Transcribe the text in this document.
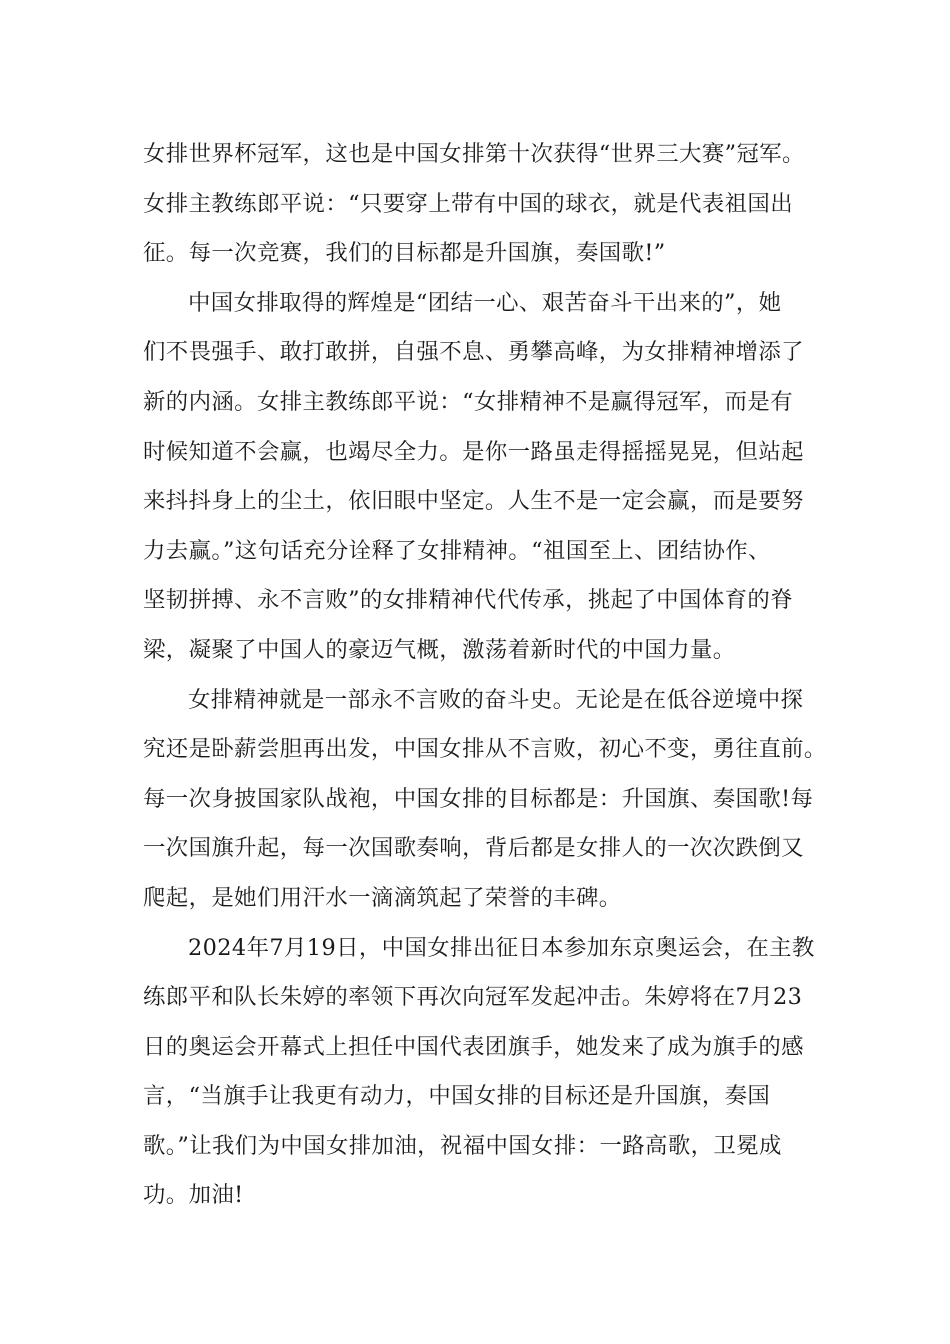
女排世界杯冠军，这也是中国女排第十次获得“世界三大赛”冠军。
女排主教练郎平说：“只要穿上带有中国的球衣，就是代表祖国出
征。每一次竞赛，我们的目标都是升国旗，奏国歌!”

中国女排取得的辉煌是“团结一心、艰苦奋斗干出来的”，她
们不畏强手、敢打敢拼，自强不息、勇攀高峰，为女排精神增添了
新的内涵。女排主教练郎平说：“女排精神不是赢得冠军，而是有
时候知道不会赢，也竭尽全力。是你一路虽走得摇摇晃晃，但站起
来抖抖身上的尘土，依旧眼中坚定。人生不是一定会赢，而是要努
力去赢。”这句话充分诠释了女排精神。“祖国至上、团结协作、
坚韧拼搏、永不言败”的女排精神代代传承，挑起了中国体育的脊
梁，凝聚了中国人的豪迈气概，激荡着新时代的中国力量。

女排精神就是一部永不言败的奋斗史。无论是在低谷逆境中探
究还是卧薪尝胆再出发，中国女排从不言败，初心不变，勇往直前。
每一次身披国家队战袍，中国女排的目标都是：升国旗、奏国歌!每
一次国旗升起，每一次国歌奏响，背后都是女排人的一次次跌倒又
爬起，是她们用汗水一滴滴筑起了荣誉的丰碑。

2024年7月19日，中国女排出征日本参加东京奥运会，在主教
练郎平和队长朱婷的率领下再次向冠军发起冲击。朱婷将在7月23
日的奥运会开幕式上担任中国代表团旗手，她发来了成为旗手的感
言，“当旗手让我更有动力，中国女排的目标还是升国旗，奏国
歌。”让我们为中国女排加油，祝福中国女排：一路高歌，卫冕成
功。加油!
